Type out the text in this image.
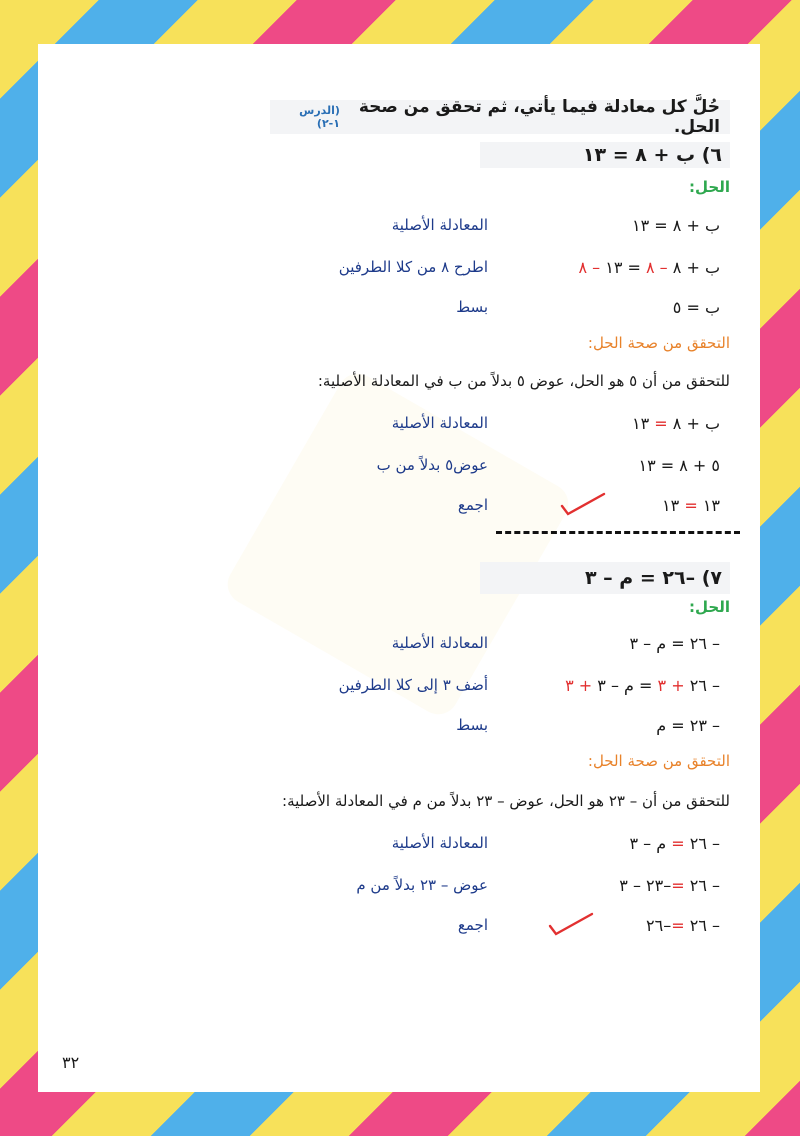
حُلَّ كل معادلة فيما يأتي، ثم تحقق من صحة الحل.
(الدرس ١-٢)
٦) ب + ٨ = ١٣
الحل:
ب + ٨ = ١٣
المعادلة الأصلية
ب + ٨ – ٨ = ١٣ – ٨
اطرح ٨ من كلا الطرفين
ب = ٥
بسط
التحقق من صحة الحل:
للتحقق من أن ٥ هو الحل، عوض ٥ بدلاً من ب في المعادلة الأصلية:
ب + ٨ = ١٣
المعادلة الأصلية
٥ + ٨ = ١٣
عوض٥ بدلاً من ب
١٣ = ١٣
اجمع
٧) –٢٦ = م – ٣
الحل:
– ٢٦ = م – ٣
المعادلة الأصلية
– ٢٦ + ٣ = م – ٣ + ٣
أضف ٣ إلى كلا الطرفين
– ٢٣ = م
بسط
التحقق من صحة الحل:
للتحقق من أن – ٢٣ هو الحل، عوض – ٢٣ بدلاً من م في المعادلة الأصلية:
– ٢٦ = م – ٣
المعادلة الأصلية
– ٢٦ =–٢٣ – ٣
عوض – ٢٣ بدلاً من م
– ٢٦ =–٢٦
اجمع
٣٢
